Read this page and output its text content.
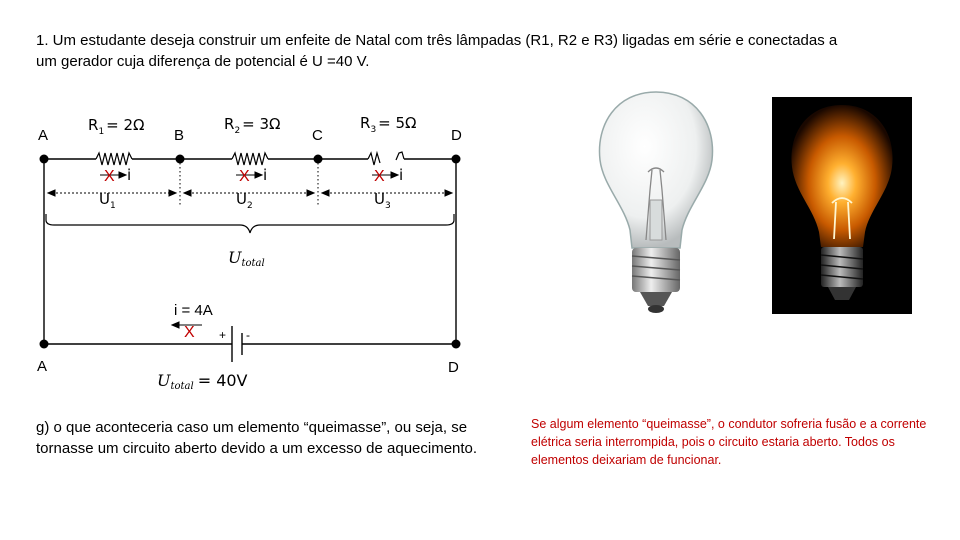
1. Um estudante deseja construir um enfeite de Natal com três lâmpadas (R1, R2 e R3) ligadas em série e conectadas a
um gerador cuja diferença de potencial é U =40 V.
A	B	C	D
A	D
$R_1 = 2\Omega$	$R_2 = 3\Omega$	$R_3 = 5\Omega$
i	i	i
X	X	X
$U_1$	$U_2$	$U_3$
Utotal
+ -
i = 4A
X
Utotal = 40V
g) o que aconteceria caso um elemento “queimasse”, ou seja, se tornasse um circuito aberto devido a um excesso de aquecimento.
Se algum elemento “queimasse”, o condutor sofreria fusão e a corrente elétrica seria interrompida, pois o circuito estaria aberto. Todos os elementos deixariam de funcionar.
